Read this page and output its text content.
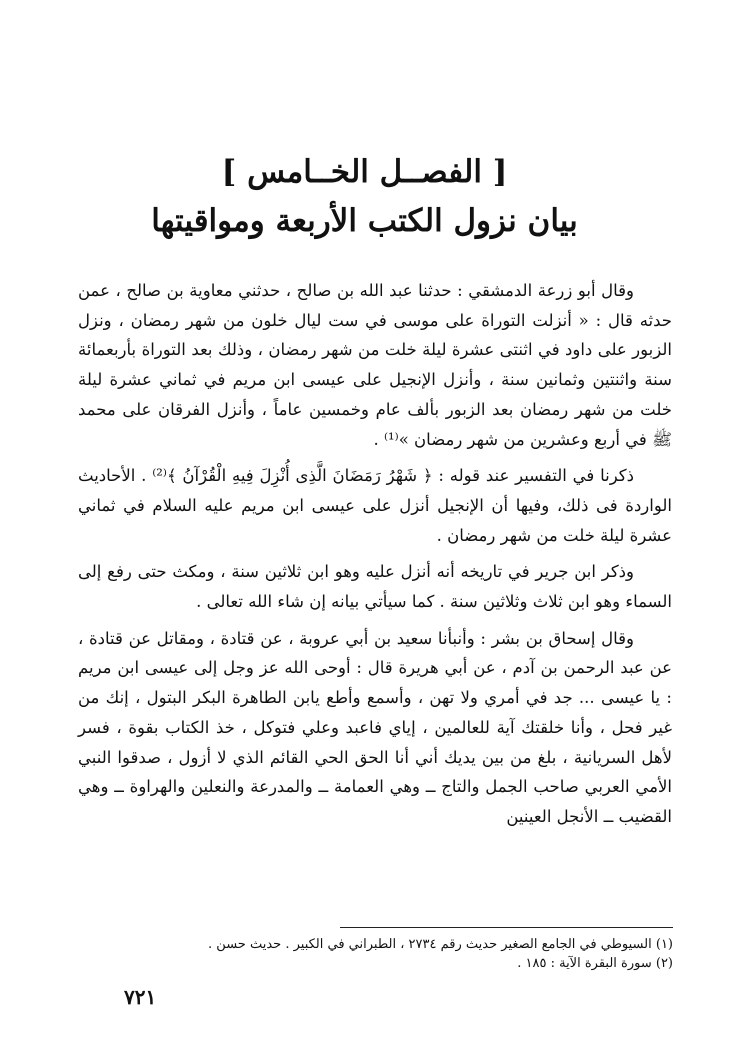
[ الفصــل الخــامس ]
بيان نزول الكتب الأربعة ومواقيتها

وقال أبو زرعة الدمشقي : حدثنا عبد الله بن صالح ، حدثني معاوية بن صالح ، عمن حدثه قال : « أنزلت التوراة على موسى في ست ليال خلون من شهر رمضان ، ونزل الزبور على داود في اثنتى عشرة ليلة خلت من شهر رمضان ، وذلك بعد التوراة بأربعمائة سنة واثنتين وثمانين سنة ، وأنزل الإنجيل على عيسى ابن مريم في ثماني عشرة ليلة خلت من شهر رمضان بعد الزبور بألف عام وخمسين عاماً ، وأنزل الفرقان على محمد ﷺ في أربع وعشرين من شهر رمضان »⁽¹⁾ .

ذكرنا في التفسير عند قوله : ﴿ شَهْرُ رَمَضَانَ الَّذِى أُنْزِلَ فِيهِ الْقُرْآنُ ﴾⁽²⁾ . الأحاديث الواردة فى ذلك، وفيها أن الإنجيل أنزل على عيسى ابن مريم عليه السلام في ثماني عشرة ليلة خلت من شهر رمضان .

وذكر ابن جرير في تاريخه أنه أنزل عليه وهو ابن ثلاثين سنة ، ومكث حتى رفع إلى السماء وهو ابن ثلاث وثلاثين سنة . كما سيأتي بيانه إن شاء الله تعالى .

وقال إسحاق بن بشر : وأنبأنا سعيد بن أبي عروبة ، عن قتادة ، ومقاتل عن قتادة ، عن عبد الرحمن بن آدم ، عن أبي هريرة قال : أوحى الله عز وجل إلى عيسى ابن مريم : يا عيسى ... جد في أمري ولا تهن ، وأسمع وأطع يابن الطاهرة البكر البتول ، إنك من غير فحل ، وأنا خلقتك آية للعالمين ، إياي فاعبد وعلي فتوكل ، خذ الكتاب بقوة ، فسر لأهل السريانية ، بلغ من بين يديك أني أنا الحق الحي القائم الذي لا أزول ، صدقوا النبي الأمي العربي صاحب الجمل والتاج ــ وهي العمامة ــ والمدرعة والنعلين والهراوة ــ وهي القضيب ــ الأنجل العينين

(١) السيوطي في الجامع الصغير حديث رقم ٢٧٣٤ ، الطبراني في الكبير . حديث حسن .

(٢) سورة البقرة الآية : ١٨٥ .

٧٢١
